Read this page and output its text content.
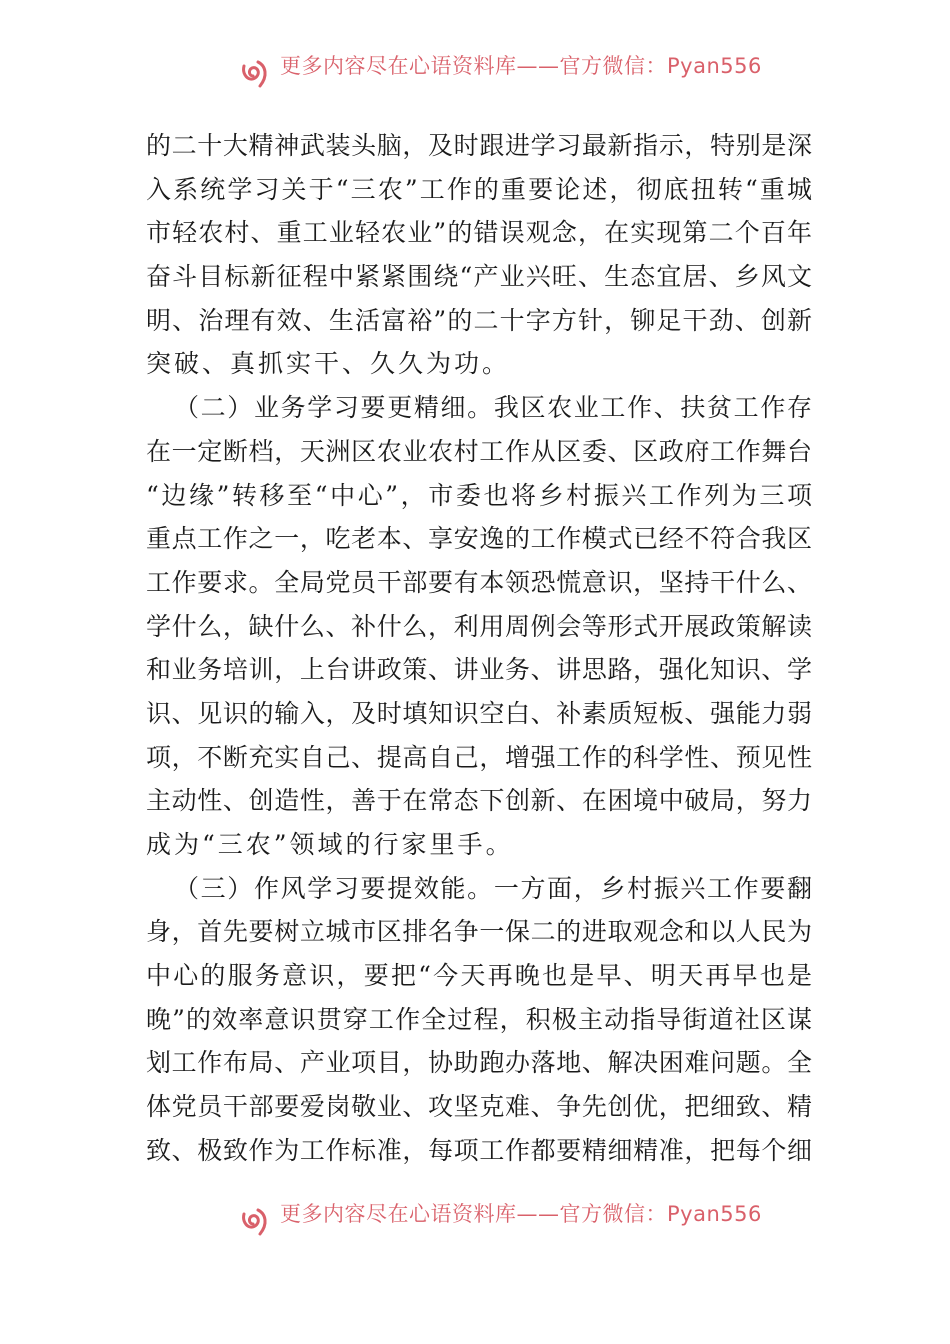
更多内容尽在心语资料库——官方微信：Pyan556
的二十大精神武装头脑，及时跟进学习最新指示，特别是深
入系统学习关于“三农”工作的重要论述，彻底扭转“重城
市轻农村、重工业轻农业”的错误观念，在实现第二个百年
奋斗目标新征程中紧紧围绕“产业兴旺、生态宜居、乡风文
明、治理有效、生活富裕”的二十字方针，铆足干劲、创新
突破、真抓实干、久久为功。
（二）业务学习要更精细。我区农业工作、扶贫工作存
在一定断档，天洲区农业农村工作从区委、区政府工作舞台
“边缘”转移至“中心”，市委也将乡村振兴工作列为三项
重点工作之一，吃老本、享安逸的工作模式已经不符合我区
工作要求。全局党员干部要有本领恐慌意识，坚持干什么、
学什么，缺什么、补什么，利用周例会等形式开展政策解读
和业务培训，上台讲政策、讲业务、讲思路，强化知识、学
识、见识的输入，及时填知识空白、补素质短板、强能力弱
项，不断充实自己、提高自己，增强工作的科学性、预见性
主动性、创造性，善于在常态下创新、在困境中破局，努力
成为“三农”领域的行家里手。
（三）作风学习要提效能。一方面，乡村振兴工作要翻
身，首先要树立城市区排名争一保二的进取观念和以人民为
中心的服务意识，要把“今天再晚也是早、明天再早也是
晚”的效率意识贯穿工作全过程，积极主动指导街道社区谋
划工作布局、产业项目，协助跑办落地、解决困难问题。全
体党员干部要爱岗敬业、攻坚克难、争先创优，把细致、精
致、极致作为工作标准，每项工作都要精细精准，把每个细
更多内容尽在心语资料库——官方微信：Pyan556
